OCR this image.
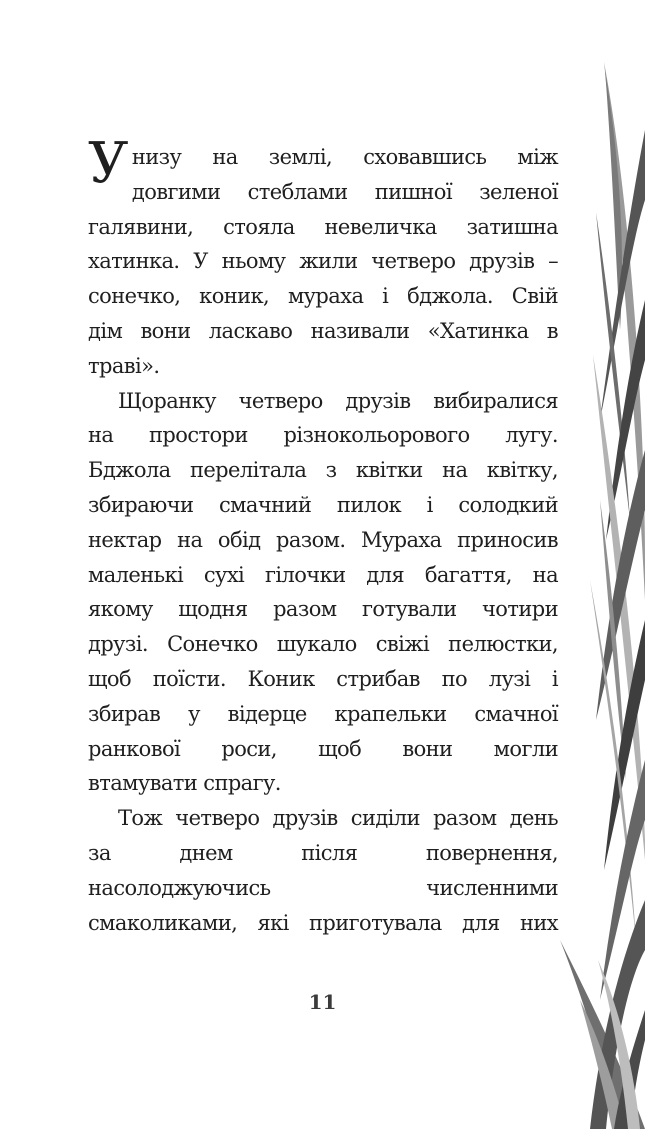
У низу на землі, сховавшись між
довгими стеблами пишної зеленої
галявини, стояла невеличка затишна
хатинка. У ньому жили четверо друзів –
сонечко, коник, мураха і бджола. Свій
дім вони ласкаво називали «Хатинка в
траві».

Щоранку четверо друзів вибиралися
на простори різнокольорового лугу.
Бджола перелітала з квітки на квітку,
збираючи смачний пилок і солодкий
нектар на обід разом. Мураха приносив
маленькі сухі гілочки для багаття, на
якому щодня разом готували чотири
друзі. Сонечко шукало свіжі пелюстки,
щоб поїсти. Коник стрибав по лузі і
збирав у відерце крапельки смачної
ранкової роси, щоб вони могли
втамувати спрагу.

Тож четверо друзів сиділи разом день
за днем після повернення,
насолоджуючись численними
смаколиками, які приготувала для них

11
